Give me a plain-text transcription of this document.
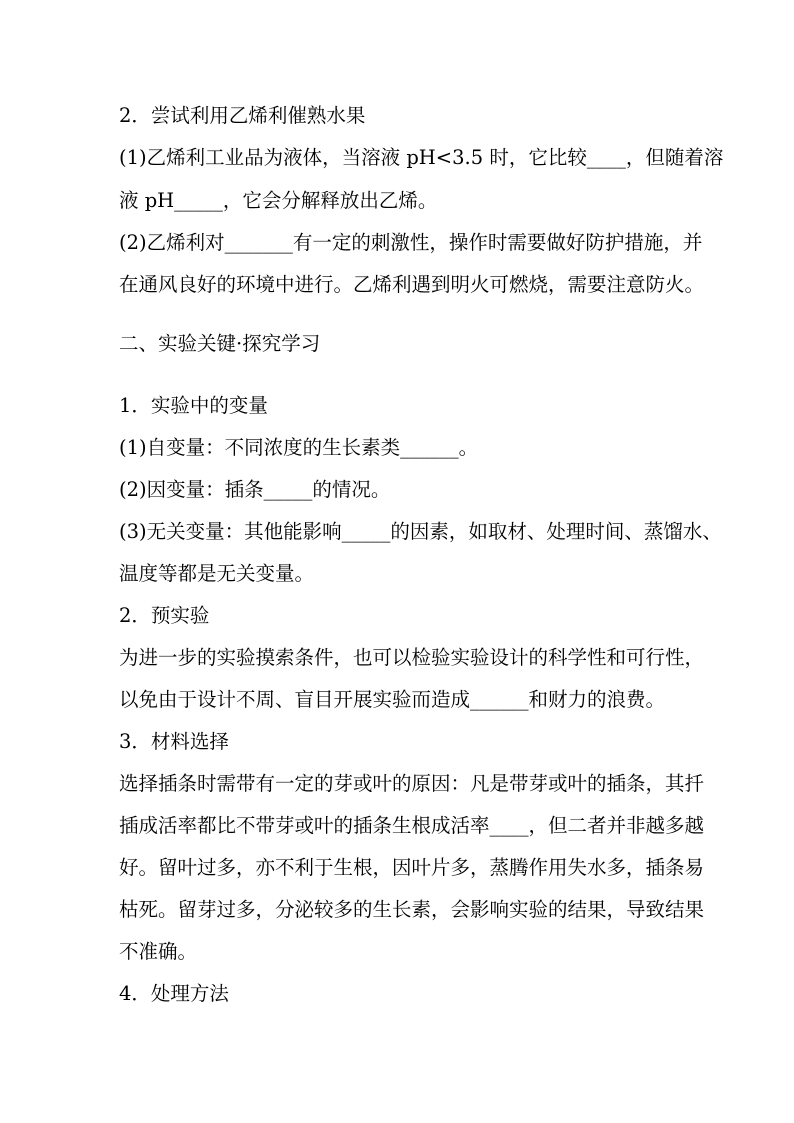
2．尝试利用乙烯利催熟水果

(1)乙烯利工业品为液体，当溶液 pH<3.5 时，它比较____，但随着溶

液 pH_____，它会分解释放出乙烯。

(2)乙烯利对_______有一定的刺激性，操作时需要做好防护措施，并

在通风良好的环境中进行。乙烯利遇到明火可燃烧，需要注意防火。

二、实验关键·探究学习

1．实验中的变量

(1)自变量：不同浓度的生长素类______。

(2)因变量：插条_____的情况。

(3)无关变量：其他能影响_____的因素，如取材、处理时间、蒸馏水、

温度等都是无关变量。

2．预实验

为进一步的实验摸索条件，也可以检验实验设计的科学性和可行性，

以免由于设计不周、盲目开展实验而造成______和财力的浪费。

3．材料选择

选择插条时需带有一定的芽或叶的原因：凡是带芽或叶的插条，其扦

插成活率都比不带芽或叶的插条生根成活率____，但二者并非越多越

好。留叶过多，亦不利于生根，因叶片多，蒸腾作用失水多，插条易

枯死。留芽过多，分泌较多的生长素，会影响实验的结果，导致结果

不准确。

4．处理方法
